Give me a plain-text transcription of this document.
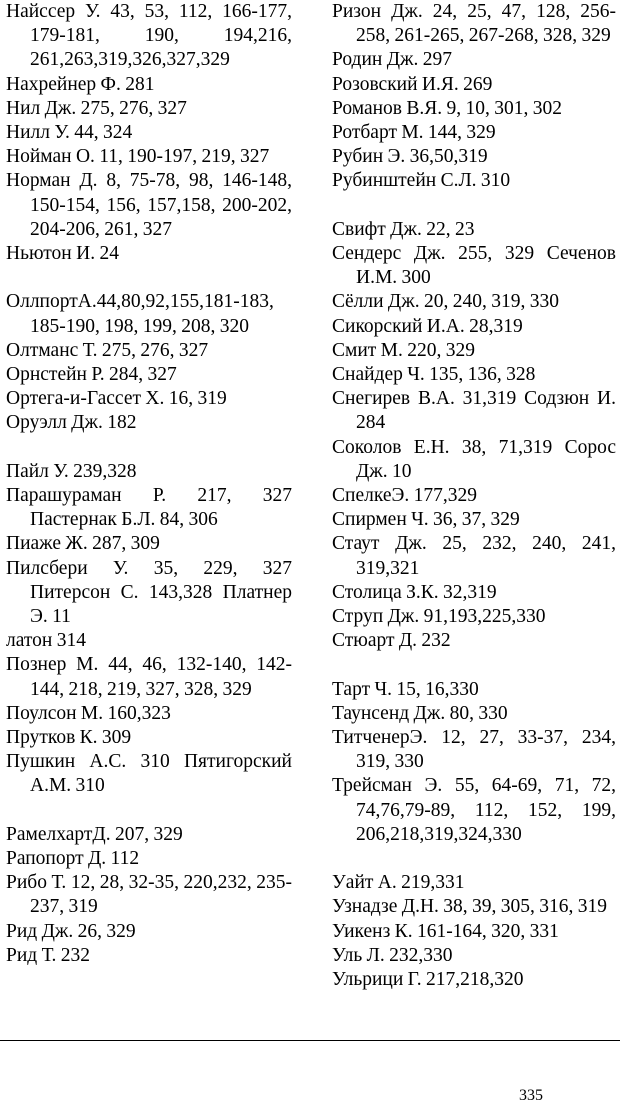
Найссер У. 43, 53, 112, 166-177, 179-181, 190, 194,216, 261,263,319,326,327,329
Нахрейнер Ф. 281
Нил Дж. 275, 276, 327
Нилл У. 44, 324
Нойман О. 11, 190-197, 219, 327
Норман Д. 8, 75-78, 98, 146-148, 150-154, 156, 157,158, 200-202, 204-206, 261, 327
Ньютон И. 24
ОллпортА.44,80,92,155,181-183, 185-190, 198, 199, 208, 320
Олтманс Т. 275, 276, 327
Орнстейн Р. 284, 327
Ортега-и-Гассет Х. 16, 319
Оруэлл Дж. 182
Пайл У. 239,328
Парашураман Р. 217, 327 Пастернак Б.Л. 84, 306
Пиаже Ж. 287, 309
Пилсбери У. 35, 229, 327 Питерсон С. 143,328 Платнер Э. 11
латон 314
Познер М. 44, 46, 132-140, 142-144, 218, 219, 327, 328, 329
Поулсон М. 160,323
Прутков К. 309
Пушкин А.С. 310 Пятигорский А.М. 310
РамелхартД. 207, 329
Рапопорт Д. 112
Рибо Т. 12, 28, 32-35, 220,232, 235-237, 319
Рид Дж. 26, 329
Рид Т. 232
Ризон Дж. 24, 25, 47, 128, 256-258, 261-265, 267-268, 328, 329
Родин Дж. 297
Розовский И.Я. 269
Романов В.Я. 9, 10, 301, 302
Ротбарт М. 144, 329
Рубин Э. 36,50,319
Рубинштейн С.Л. 310
Свифт Дж. 22, 23
Сендерс Дж. 255, 329 Сеченов И.М. 300
Сёлли Дж. 20, 240, 319, 330
Сикорский И.А. 28,319
Смит М. 220, 329
Снайдер Ч. 135, 136, 328
Снегирев В.А. 31,319 Содзюн И. 284
Соколов Е.Н. 38, 71,319 Сорос Дж. 10
СпелкеЭ. 177,329
Спирмен Ч. 36, 37, 329
Стаут Дж. 25, 232, 240, 241, 319,321
Столица З.К. 32,319
Струп Дж. 91,193,225,330
Стюарт Д. 232
Тарт Ч. 15, 16,330
Таунсенд Дж. 80, 330
ТитченерЭ. 12, 27, 33-37, 234, 319, 330
Трейсман Э. 55, 64-69, 71, 72, 74,76,79-89, 112, 152, 199, 206,218,319,324,330
Уайт А. 219,331
Узнадзе Д.Н. 38, 39, 305, 316, 319
Уикенз К. 161-164, 320, 331
Уль Л. 232,330
Ульрици Г. 217,218,320
335
